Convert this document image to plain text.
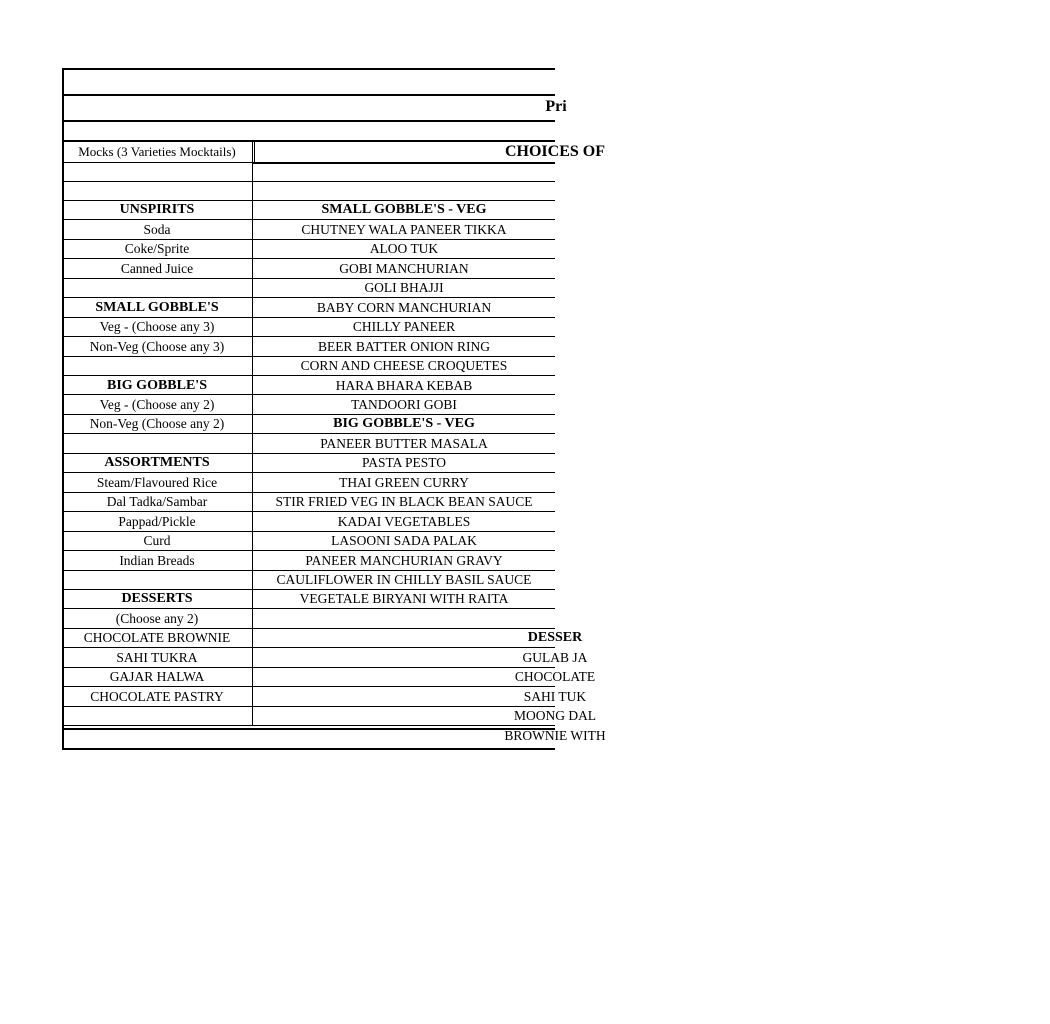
Pri
Mocks (3 Varieties Mocktails)	CHOICES OF
UNSPIRITS
Soda
Coke/Sprite
Canned Juice
SMALL GOBBLE'S
Veg - (Choose any 3)
Non-Veg (Choose any 3)
BIG GOBBLE'S
Veg - (Choose any 2)
Non-Veg (Choose any 2)
ASSORTMENTS
Steam/Flavoured Rice
Dal Tadka/Sambar
Pappad/Pickle
Curd
Indian Breads
DESSERTS
(Choose any 2)
CHOCOLATE BROWNIE
SAHI TUKRA
GAJAR HALWA
CHOCOLATE PASTRY
SMALL GOBBLE'S - VEG
CHUTNEY WALA PANEER TIKKA
ALOO TUK
GOBI MANCHURIAN
GOLI BHAJJI
BABY CORN MANCHURIAN
CHILLY PANEER
BEER BATTER ONION RING
CORN AND CHEESE CROQUETES
HARA BHARA KEBAB
TANDOORI GOBI
BIG GOBBLE'S - VEG
PANEER BUTTER MASALA
PASTA PESTO
THAI GREEN CURRY
STIR FRIED VEG IN BLACK BEAN SAUCE
KADAI VEGETABLES
LASOONI SADA PALAK
PANEER MANCHURIAN GRAVY
CAULIFLOWER IN CHILLY BASIL SAUCE
VEGETALE BIRYANI WITH RAITA
DESSER
GULAB JA
CHOCOLATE
SAHI TUK
MOONG DAL
BROWNIE WITH
